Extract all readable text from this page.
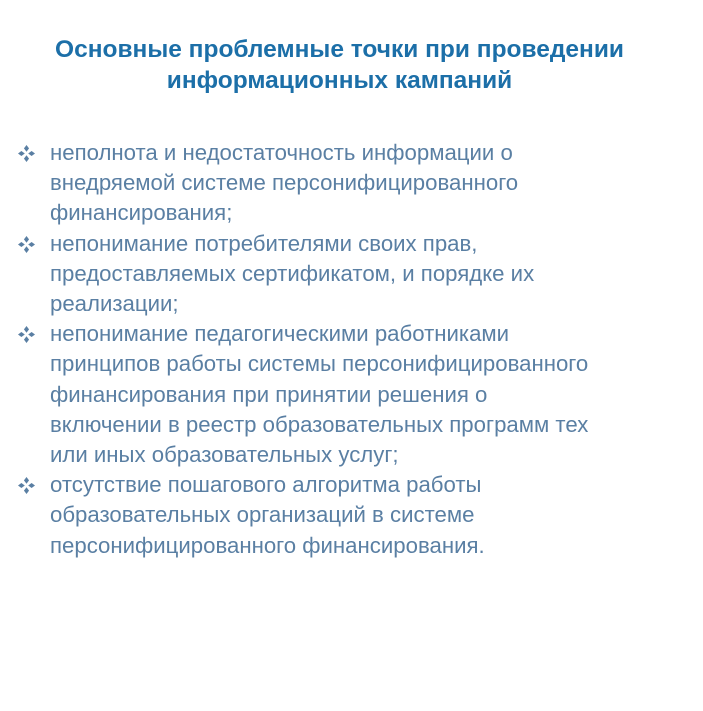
Основные проблемные точки при проведении
информационных кампаний
неполнота и недостаточность информации о
внедряемой системе персонифицированного
финансирования;
непонимание потребителями своих прав,
предоставляемых сертификатом, и порядке их
реализации;
непонимание педагогическими работниками
принципов работы системы персонифицированного
финансирования при принятии решения о
включении в реестр образовательных программ тех
или иных образовательных услуг;
отсутствие пошагового алгоритма работы
образовательных организаций в системе
персонифицированного финансирования.
